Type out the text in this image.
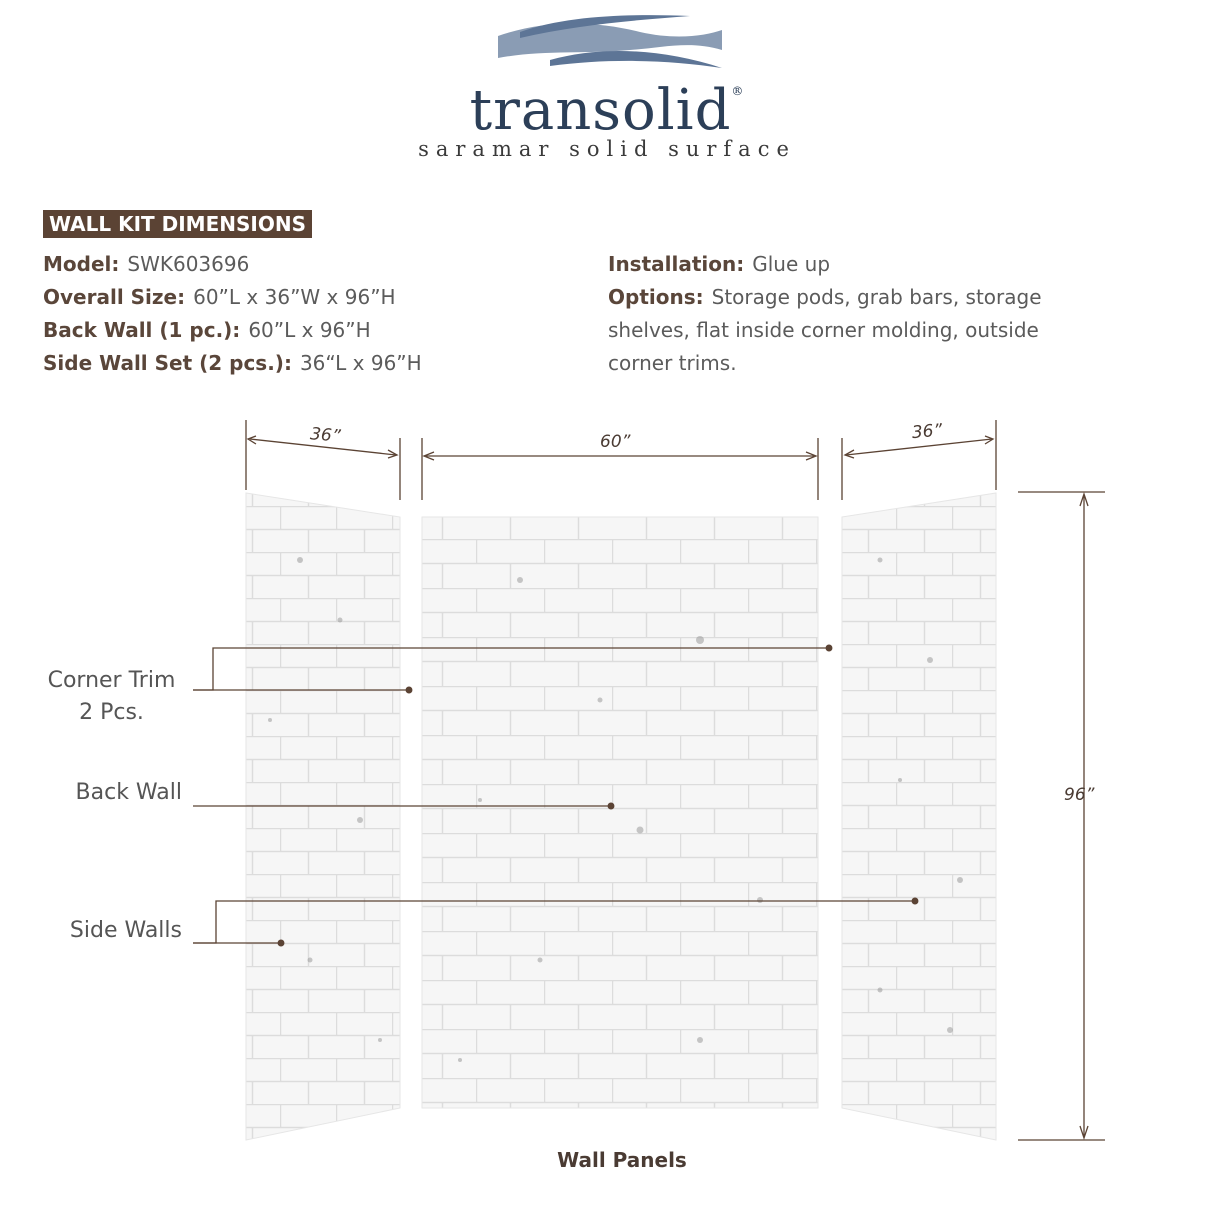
transolid®
saramar solid surface
WALL KIT DIMENSIONS
Model: SWK603696
Overall Size: 60”L x 36”W x 96”H
Back Wall (1 pc.): 60”L x 96”H
Side Wall Set (2 pcs.): 36“L x 96”H
Installation: Glue up
Options: Storage pods, grab bars, storage shelves, flat inside corner molding, outside corner trims.
36”	60”	36”
96”
Corner Trim
2 Pcs.
Back Wall
Side Walls
Wall Panels
